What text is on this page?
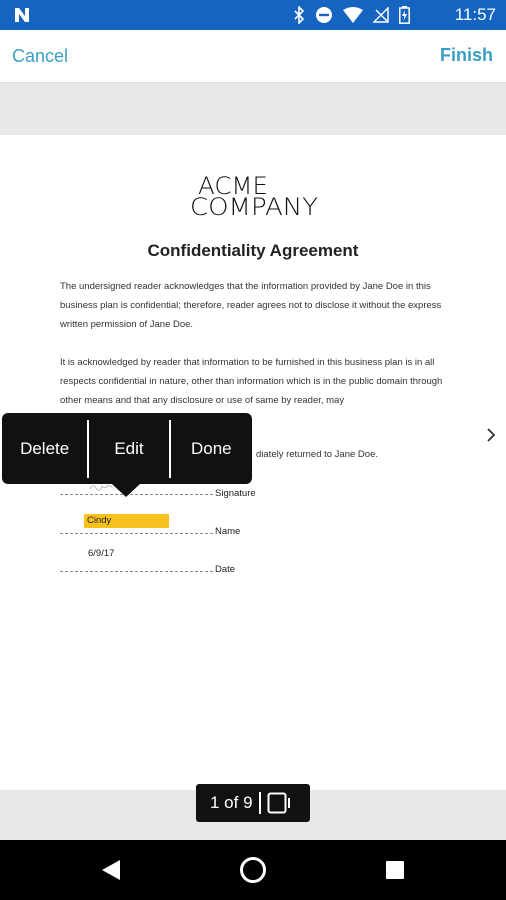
11:57
Cancel	Finish
ACME
COMPANY
Confidentiality Agreement
The undersigned reader acknowledges that the information provided by Jane Doe in this business plan is confidential; therefore, reader agrees not to disclose it without the express written permission of Jane Doe.
It is acknowledged by reader that information to be furnished in this business plan is in all respects confidential in nature, other than information which is in the public domain through other means and that any disclosure or use of same by reader, may
diately returned to Jane Doe.
Signature
Cindy
Name
6/9/17
Date
Delete	Edit	Done
1 of 9
